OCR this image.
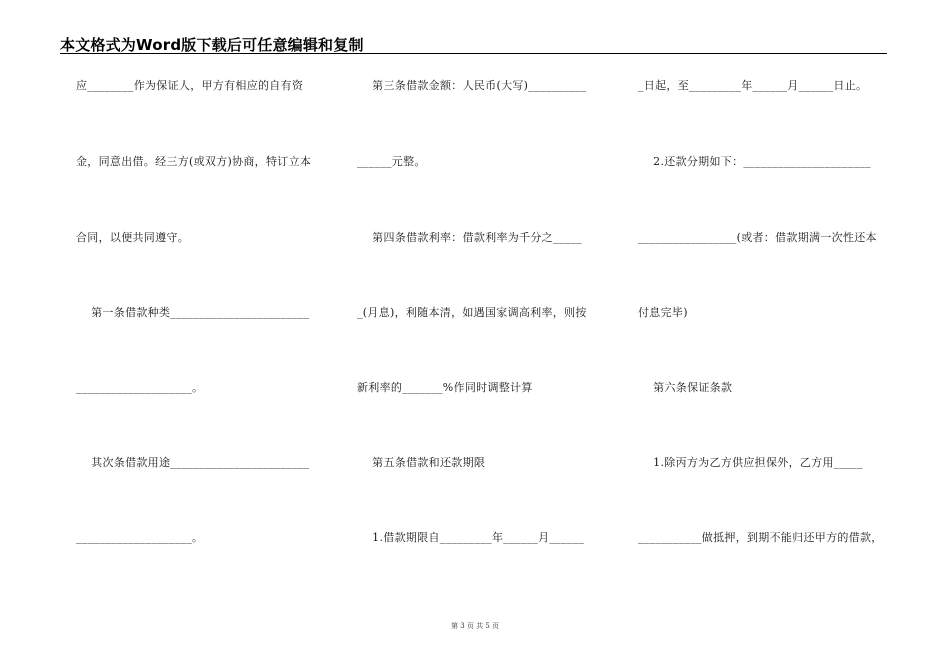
本文格式为Word版下载后可任意编辑和复制
应________作为保证人，甲方有相应的自有资
金，同意出借。经三方(或双方)协商，特订立本
合同，以便共同遵守。
第一条借款种类________________________
____________________。
其次条借款用途________________________
____________________。
第三条借款金额：人民币(大写)__________
______元整。
第四条借款利率：借款利率为千分之_____
_(月息)，利随本清，如遇国家调高利率，则按
新利率的_______%作同时调整计算
第五条借款和还款期限
1.借款期限自_________年______月______
_日起，至_________年______月______日止。
2.还款分期如下：______________________
_________________(或者：借款期满一次性还本
付息完毕)
第六条保证条款
1.除丙方为乙方供应担保外，乙方用_____
___________做抵押，到期不能归还甲方的借款，
第 3 页 共 5 页
